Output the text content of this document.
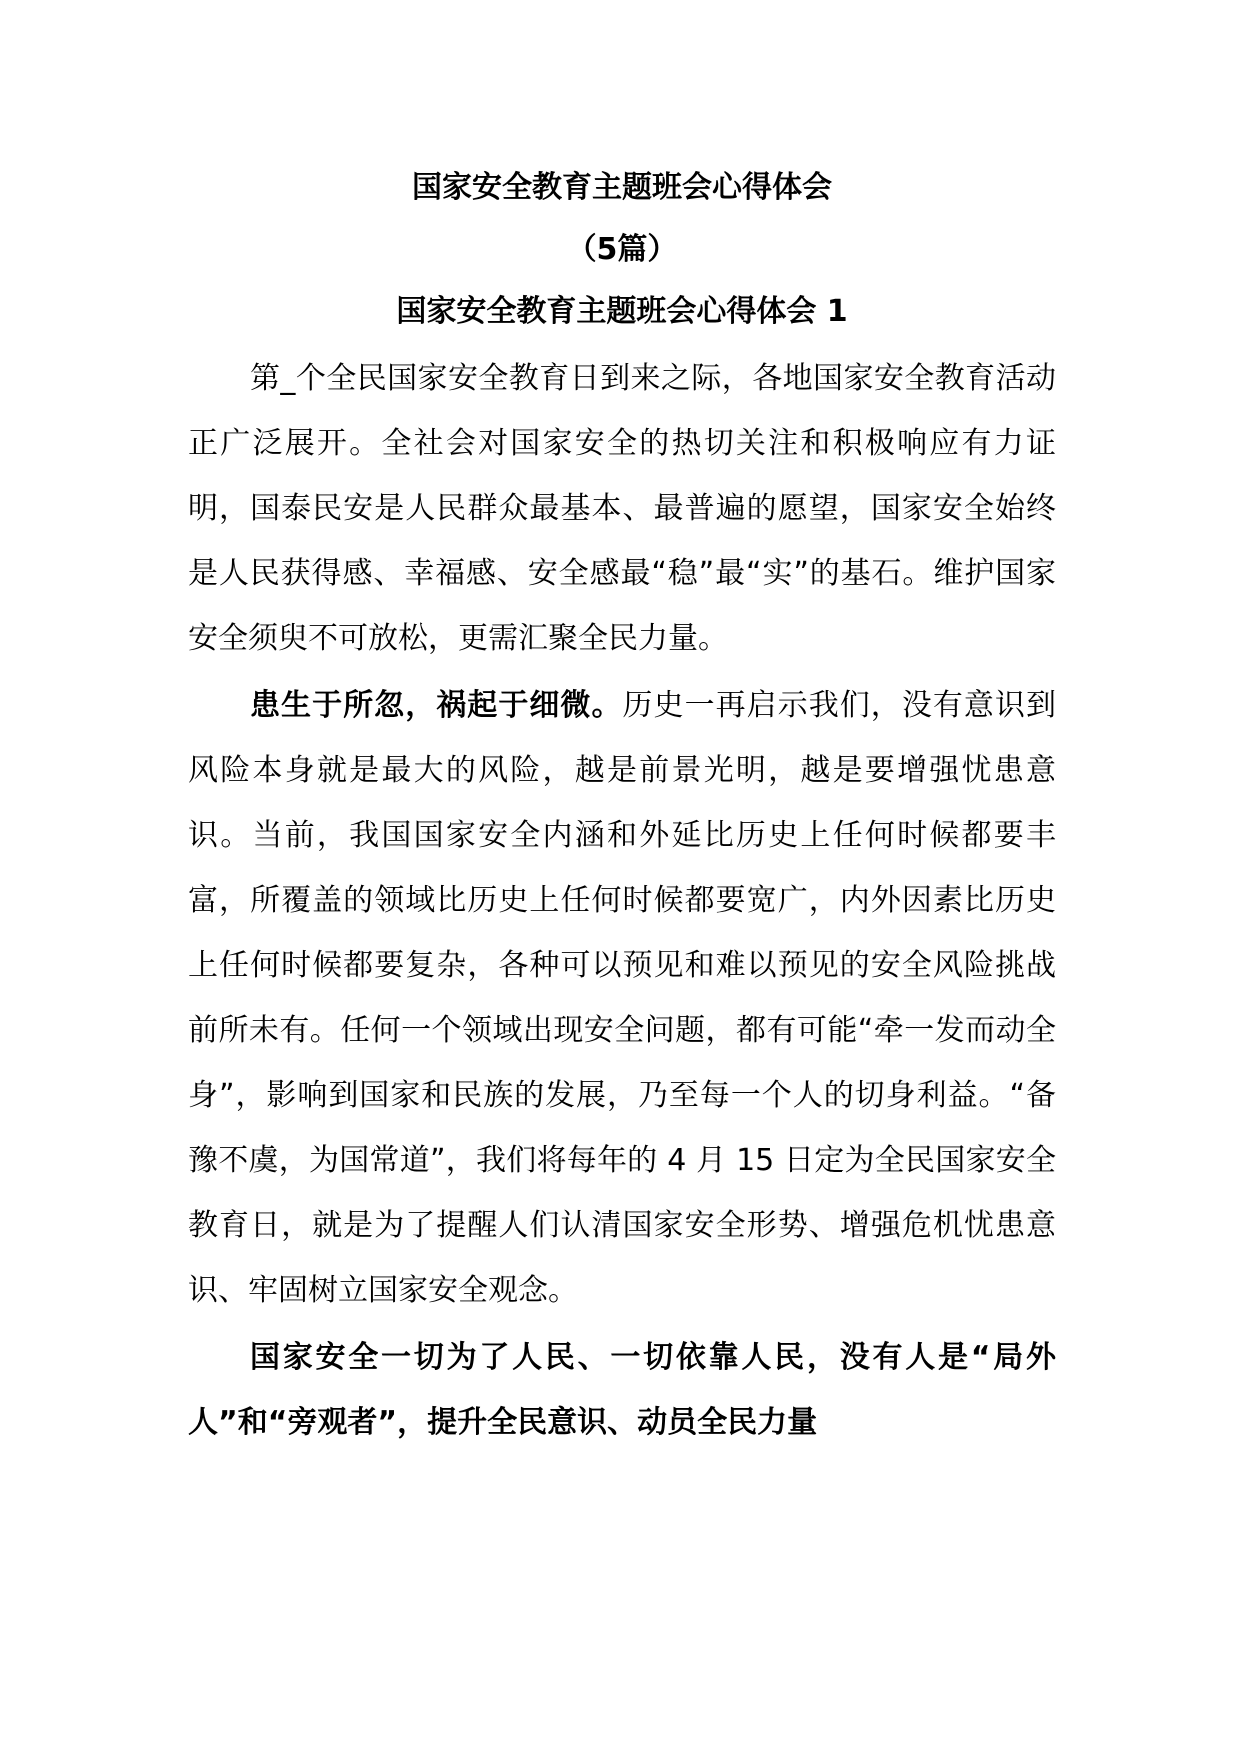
国家安全教育主题班会心得体会
（5篇）
国家安全教育主题班会心得体会 1

第_个全民国家安全教育日到来之际，各地国家安全教育活动正广泛展开。全社会对国家安全的热切关注和积极响应有力证明，国泰民安是人民群众最基本、最普遍的愿望，国家安全始终是人民获得感、幸福感、安全感最“稳”最“实”的基石。维护国家安全须臾不可放松，更需汇聚全民力量。

患生于所忽，祸起于细微。历史一再启示我们，没有意识到风险本身就是最大的风险，越是前景光明，越是要增强忧患意识。当前，我国国家安全内涵和外延比历史上任何时候都要丰富，所覆盖的领域比历史上任何时候都要宽广，内外因素比历史上任何时候都要复杂，各种可以预见和难以预见的安全风险挑战前所未有。任何一个领域出现安全问题，都有可能“牵一发而动全身”，影响到国家和民族的发展，乃至每一个人的切身利益。“备豫不虞，为国常道”，我们将每年的 4 月 15 日定为全民国家安全教育日，就是为了提醒人们认清国家安全形势、增强危机忧患意识、牢固树立国家安全观念。

国家安全一切为了人民、一切依靠人民，没有人是“局外人”和“旁观者”，提升全民意识、动员全民力量
